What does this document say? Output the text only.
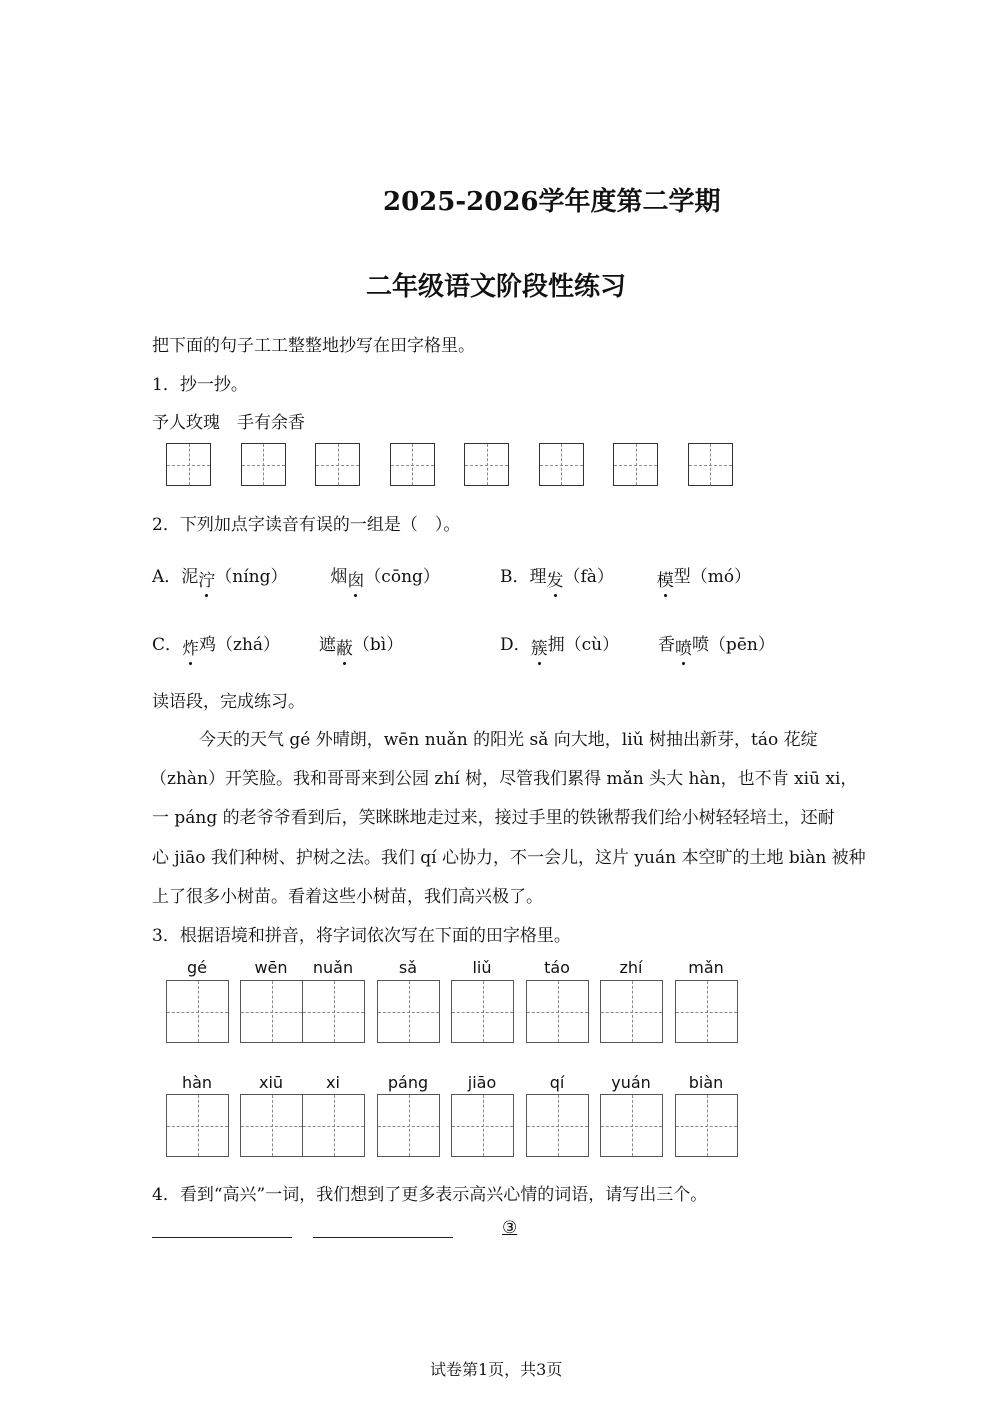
2025-2026学年度第二学期
二年级语文阶段性练习
把下面的句子工工整整地抄写在田字格里。
1．抄一抄。
予人玫瑰　手有余香
2．下列加点字读音有误的一组是（　）。
A．泥泞（níng）	烟囱（cōng）	B．理发（fà）	模型（mó）
C．炸鸡（zhá） 遮蔽（bì）	D．簇拥（cù） 香喷喷（pēn）
读语段，完成练习。
今天的天气 gé 外晴朗，wēn nuǎn 的阳光 sǎ 向大地，liǔ 树抽出新芽，táo 花绽
（zhàn）开笑脸。我和哥哥来到公园 zhí 树，尽管我们累得 mǎn 头大 hàn，也不肯 xiū xi，
一 páng 的老爷爷看到后，笑眯眯地走过来，接过手里的铁锹帮我们给小树轻轻培土，还耐
心 jiāo 我们种树、护树之法。我们 qí 心协力，不一会儿，这片 yuán 本空旷的土地 biàn 被种
上了很多小树苗。看着这些小树苗，我们高兴极了。
3．根据语境和拼音，将字词依次写在下面的田字格里。
gé	wēn	nuǎn	sǎ	liǔ	táo	zhí	mǎn
hàn	xiū	xi	páng	jiāo	qí	yuán	biàn
4．看到“高兴”一词，我们想到了更多表示高兴心情的词语，请写出三个。
③
试卷第1页，共3页
